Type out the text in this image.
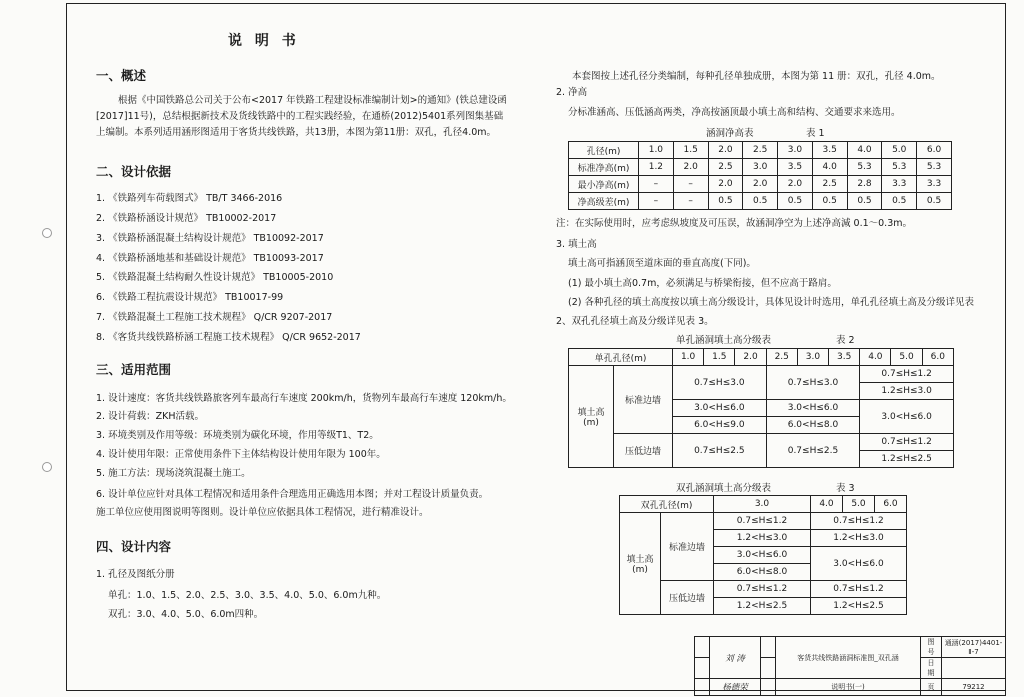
说 明 书
一、概述
根据《中国铁路总公司关于公布<2017 年铁路工程建设标准编制计划>的通知》(铁总建设函
[2017]11号)，总结根据新技术及货线铁路中的工程实践经验，在通桥(2012)5401系列图集基础
上编制。本系列适用涵形图适用于客货共线铁路，共13册，本图为第11册：双孔，孔径4.0m。
二、设计依据
1. 《铁路列车荷载图式》 TB/T 3466-2016
2. 《铁路桥涵设计规范》 TB10002-2017
3. 《铁路桥涵混凝土结构设计规范》 TB10092-2017
4. 《铁路桥涵地基和基础设计规范》 TB10093-2017
5. 《铁路混凝土结构耐久性设计规范》 TB10005-2010
6. 《铁路工程抗震设计规范》 TB10017-99
7. 《铁路混凝土工程施工技术规程》 Q/CR 9207-2017
8. 《客货共线铁路桥涵工程施工技术规程》 Q/CR 9652-2017
三、适用范围
1. 设计速度：客货共线铁路旅客列车最高行车速度 200km/h，货物列车最高行车速度 120km/h。
2. 设计荷载：ZKH活载。
3. 环境类别及作用等级：环境类别为碳化环境，作用等级T1、T2。
4. 设计使用年限：正常使用条件下主体结构设计使用年限为 100年。
5. 施工方法：现场浇筑混凝土施工。
6. 设计单位应针对具体工程情况和适用条件合理选用正确选用本图；并对工程设计质量负责。
施工单位应使用图说明等图则。设计单位应依据具体工程情况，进行精准设计。
四、设计内容
1. 孔径及图纸分册
单孔：1.0、1.5、2.0、2.5、3.0、3.5、4.0、5.0、6.0m九种。
双孔：3.0、4.0、5.0、6.0m四种。
本套图按上述孔径分类编制，每种孔径单独成册，本图为第 11 册：双孔，孔径 4.0m。
2. 净高
分标准涵高、压低涵高两类，净高按涵顶最小填土高和结构、交通要求来选用。
涵洞净高表	表 1
孔径(m)	1.0	1.5	2.0	2.5	3.0	3.5	4.0	5.0	6.0
标准净高(m)	1.2	2.0	2.5	3.0	3.5	4.0	5.3	5.3	5.3
最小净高(m)	–	–	2.0	2.0	2.0	2.5	2.8	3.3	3.3
净高级差(m)	–	–	0.5	0.5	0.5	0.5	0.5	0.5	0.5
注：在实际使用时，应考虑纵坡度及可压误，故涵洞净空为上述净高減 0.1～0.3m。
3. 填土高
填土高可指涵顶至道床面的垂直高度(下同)。
(1) 最小填土高0.7m，必须满足与桥梁衔接，但不应高于路肩。
(2) 各种孔径的填土高度按以填土高分级设计，具体见设计时选用，单孔孔径填土高及分级详见表
2、双孔孔径填土高及分级详见表 3。
单孔涵洞填土高分级表	表 2
单孔孔径(m)		1.0	1.5	2.0	2.5	3.0	3.5	4.0	5.0	6.0
填土高
(m)	标准边墙	0.7≤H≤3.0			0.7≤H≤3.0			0.7≤H≤1.2		
								1.2≤H≤3.0		
		3.0<H≤6.0			3.0<H≤6.0			3.0<H≤6.0		
		6.0<H≤9.0			6.0<H≤8.0					
	压低边墙	0.7≤H≤2.5			0.7≤H≤2.5			0.7≤H≤1.2		
								1.2≤H≤2.5		

双孔涵洞填土高分级表	表 3
双孔孔径(m)		3.0	4.0	5.0	6.0
填土高
(m)	标准边墙	0.7≤H≤1.2	0.7≤H≤1.2		
		1.2<H≤3.0	1.2<H≤3.0		
		3.0<H≤6.0	3.0<H≤6.0		
		6.0<H≤8.0			
	压低边墙	0.7≤H≤1.2	0.7≤H≤1.2		
		1.2<H≤2.5	1.2<H≤2.5		
	刘 涛		客货共线铁路涵洞标准图_双孔涵	图 号	通涵(2017)4401-Ⅱ-7
				日 期	
	杨德荣		说明书(一)	页	79212
